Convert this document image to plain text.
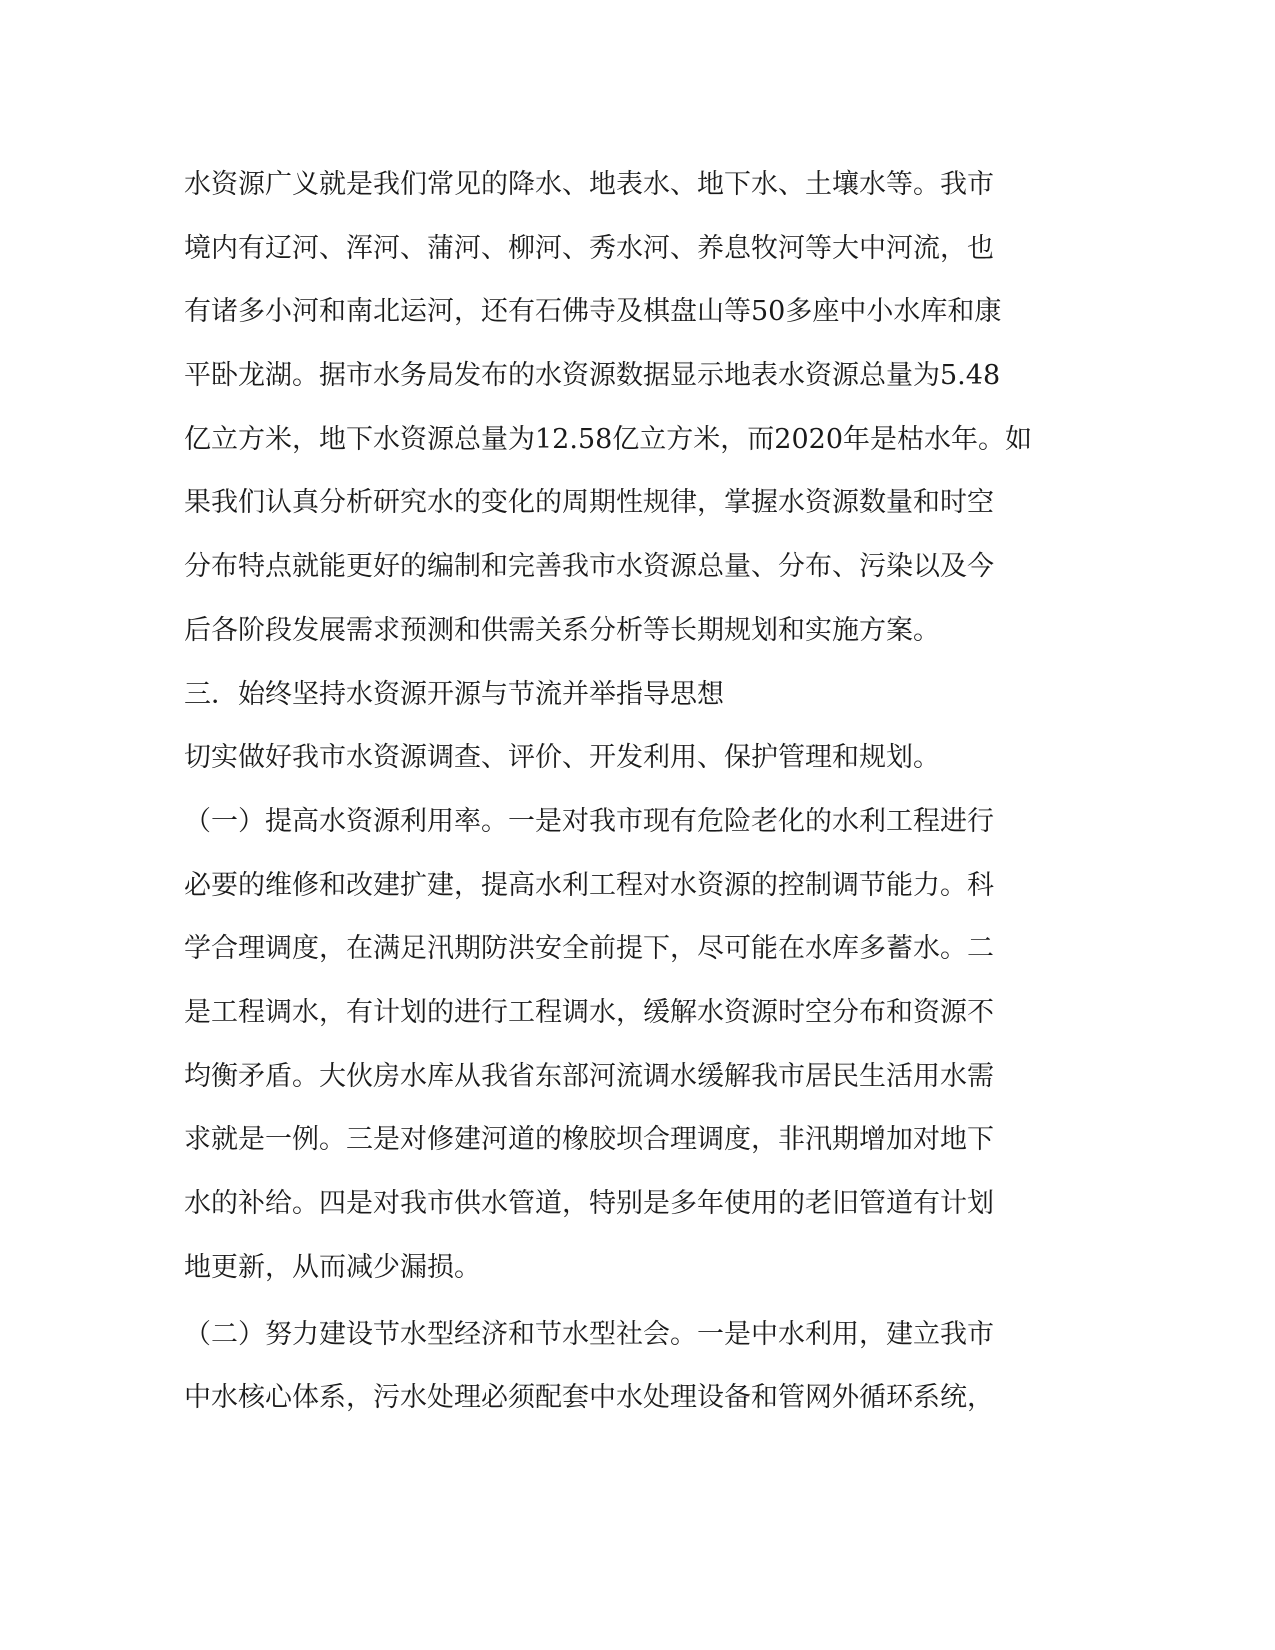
水资源广义就是我们常见的降水、地表水、地下水、土壤水等。我市
境内有辽河、浑河、蒲河、柳河、秀水河、养息牧河等大中河流，也
有诸多小河和南北运河，还有石佛寺及棋盘山等50多座中小水库和康
平卧龙湖。据市水务局发布的水资源数据显示地表水资源总量为5.48
亿立方米，地下水资源总量为12.58亿立方米，而2020年是枯水年。如
果我们认真分析研究水的变化的周期性规律，掌握水资源数量和时空
分布特点就能更好的编制和完善我市水资源总量、分布、污染以及今
后各阶段发展需求预测和供需关系分析等长期规划和实施方案。
三．始终坚持水资源开源与节流并举指导思想
切实做好我市水资源调查、评价、开发利用、保护管理和规划。
（一）提高水资源利用率。一是对我市现有危险老化的水利工程进行
必要的维修和改建扩建，提高水利工程对水资源的控制调节能力。科
学合理调度，在满足汛期防洪安全前提下，尽可能在水库多蓄水。二
是工程调水，有计划的进行工程调水，缓解水资源时空分布和资源不
均衡矛盾。大伙房水库从我省东部河流调水缓解我市居民生活用水需
求就是一例。三是对修建河道的橡胶坝合理调度，非汛期增加对地下
水的补给。四是对我市供水管道，特别是多年使用的老旧管道有计划
地更新，从而减少漏损。
（二）努力建设节水型经济和节水型社会。一是中水利用，建立我市
中水核心体系，污水处理必须配套中水处理设备和管网外循环系统，
